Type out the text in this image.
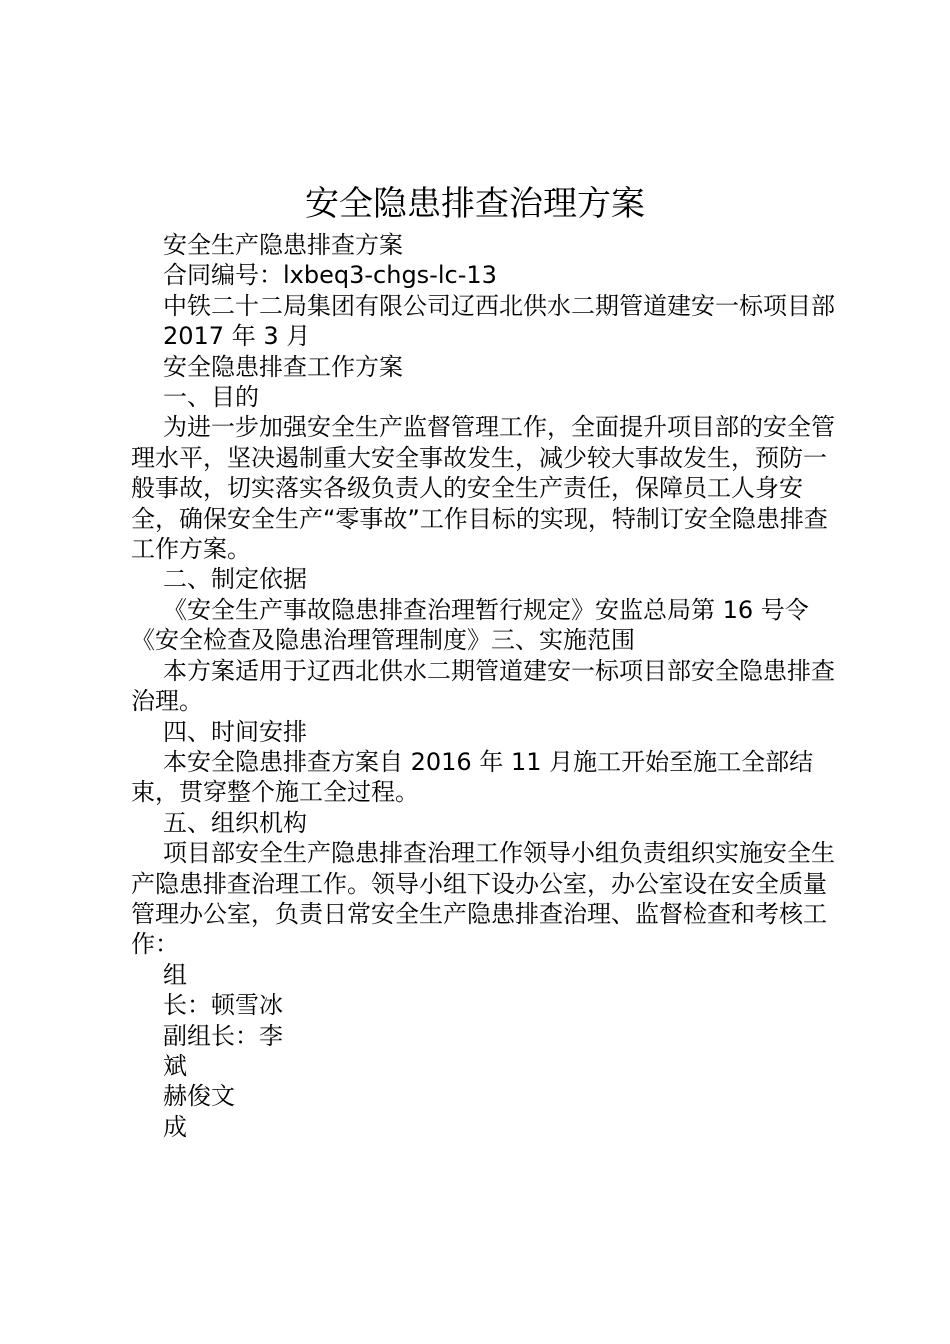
安全隐患排查治理方案

安全生产隐患排查方案

合同编号：lxbeq3-chgs-lc-13

中铁二十二局集团有限公司辽西北供水二期管道建安一标项目部

2017 年 3 月

安全隐患排查工作方案

一、目的

为进一步加强安全生产监督管理工作，全面提升项目部的安全管理水平，坚决遏制重大安全事故发生，减少较大事故发生，预防一般事故，切实落实各级负责人的安全生产责任，保障员工人身安全，确保安全生产“零事故”工作目标的实现，特制订安全隐患排查工作方案。

二、制定依据

《安全生产事故隐患排查治理暂行规定》安监总局第 16 号令《安全检查及隐患治理管理制度》三、实施范围

本方案适用于辽西北供水二期管道建安一标项目部安全隐患排查治理。

四、时间安排

本安全隐患排查方案自 2016 年 11 月施工开始至施工全部结束，贯穿整个施工全过程。

五、组织机构

项目部安全生产隐患排查治理工作领导小组负责组织实施安全生产隐患排查治理工作。领导小组下设办公室，办公室设在安全质量管理办公室，负责日常安全生产隐患排查治理、监督检查和考核工作：

组

长：顿雪冰

副组长：李

斌

赫俊文

成
